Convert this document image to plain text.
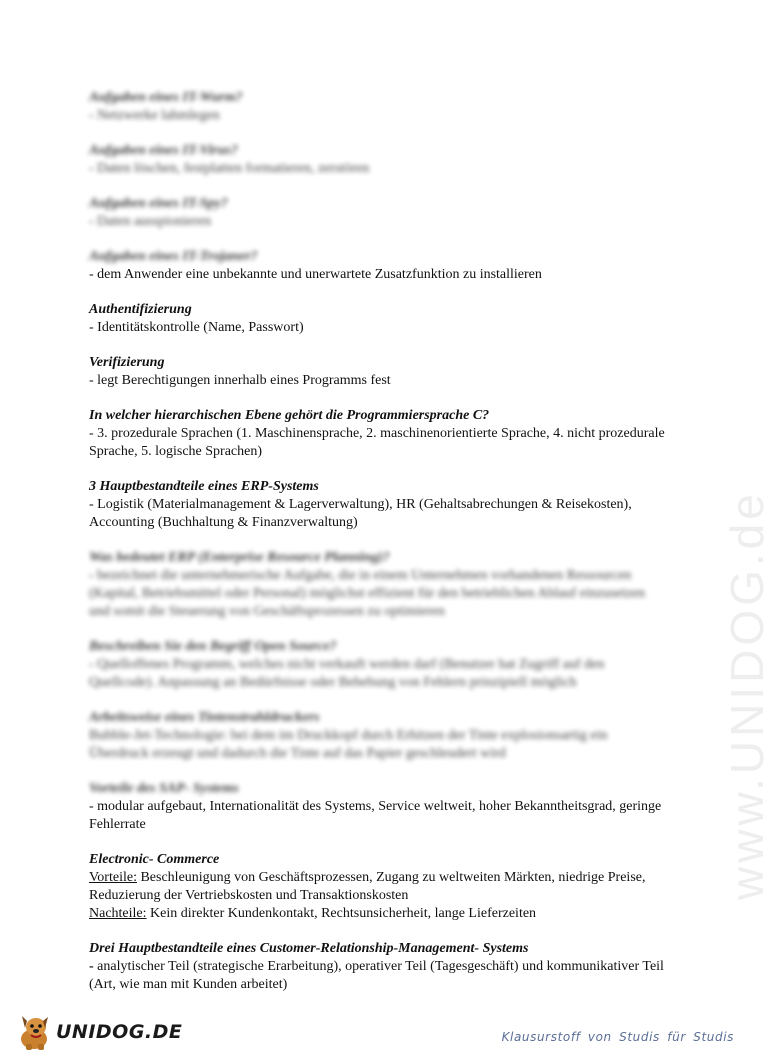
www.UNIDOG.de
Aufgaben eines IT-Wurm?
- Netzwerke lahmlegen
Aufgaben eines IT-Virus?
- Daten löschen, festplatten formatieren, zerstören
Aufgaben eines IT-Spy?
- Daten ausspionieren
Aufgaben eines IT-Trojaner?
- dem Anwender eine unbekannte und unerwartete Zusatzfunktion zu installieren
Authentifizierung
- Identitätskontrolle (Name, Passwort)
Verifizierung
- legt Berechtigungen innerhalb eines Programms fest
In welcher hierarchischen Ebene gehört die Programmiersprache C?
- 3. prozedurale Sprachen (1. Maschinensprache, 2. maschinenorientierte Sprache, 4. nicht prozedurale Sprache, 5. logische Sprachen)
3 Hauptbestandteile eines ERP-Systems
- Logistik (Materialmanagement & Lagerverwaltung), HR (Gehaltsabrechungen & Reisekosten), Accounting (Buchhaltung & Finanzverwaltung)
Was bedeutet ERP (Enterprise Resource Planning)?
- bezeichnet die unternehmerische Aufgabe, die in einem Unternehmen vorhandenen Ressourcen (Kapital, Betriebsmittel oder Personal) möglichst effizient für den betrieblichen Ablauf einzusetzen und somit die Steuerung von Geschäftsprozessen zu optimieren
Beschreiben Sie den Begriff Open Source?
- Quelloffenes Programm, welches nicht verkauft werden darf (Benutzer hat Zugriff auf den Quellcode). Anpassung an Bedürfnisse oder Behebung von Fehlern prinzipiell möglich
Arbeitsweise eines Tintenstrahldruckers
Bubble-Jet-Technologie: bei dem im Druckkopf durch Erhitzen der Tinte explosionsartig ein Überdruck erzeugt und dadurch die Tinte auf das Papier geschleudert wird
Vorteile des SAP- Systems
- modular aufgebaut, Internationalität des Systems, Service weltweit, hoher Bekanntheitsgrad, geringe Fehlerrate
Electronic- Commerce
Vorteile: Beschleunigung von Geschäftsprozessen, Zugang zu weltweiten Märkten, niedrige Preise, Reduzierung der Vertriebskosten und Transaktionskosten
Nachteile: Kein direkter Kundenkontakt, Rechtsunsicherheit, lange Lieferzeiten
Drei Hauptbestandteile eines Customer-Relationship-Management- Systems
- analytischer Teil (strategische Erarbeitung), operativer Teil (Tagesgeschäft) und kommunikativer Teil (Art, wie man mit Kunden arbeitet)
UNIDOG.DE	Klausurstoff von Studis für Studis
